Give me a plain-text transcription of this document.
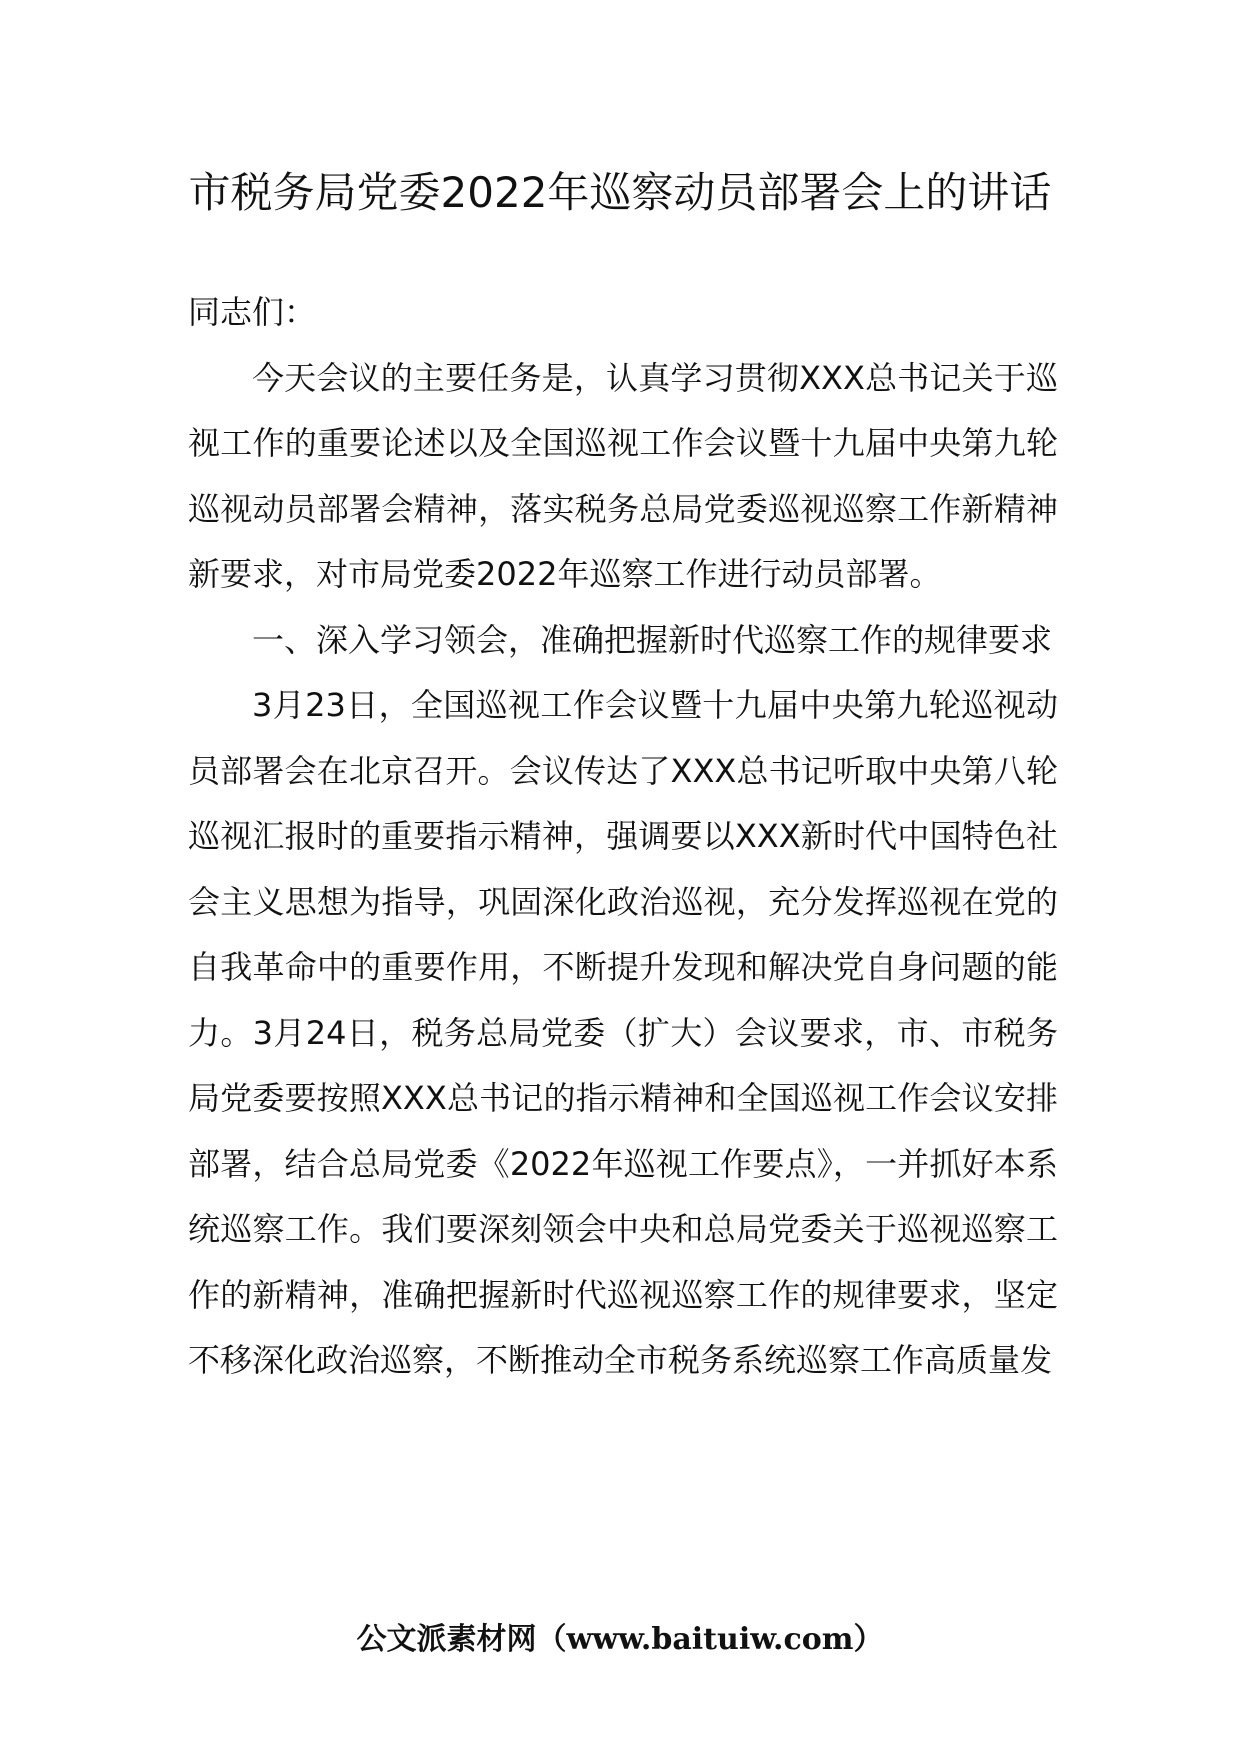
市税务局党委2022年巡察动员部署会上的讲话

同志们：

今天会议的主要任务是，认真学习贯彻XXX总书记关于巡视工作的重要论述以及全国巡视工作会议暨十九届中央第九轮巡视动员部署会精神，落实税务总局党委巡视巡察工作新精神新要求，对市局党委2022年巡察工作进行动员部署。

一、深入学习领会，准确把握新时代巡察工作的规律要求

3月23日，全国巡视工作会议暨十九届中央第九轮巡视动员部署会在北京召开。会议传达了XXX总书记听取中央第八轮巡视汇报时的重要指示精神，强调要以XXX新时代中国特色社会主义思想为指导，巩固深化政治巡视，充分发挥巡视在党的自我革命中的重要作用，不断提升发现和解决党自身问题的能力。3月24日，税务总局党委（扩大）会议要求，市、市税务局党委要按照XXX总书记的指示精神和全国巡视工作会议安排部署，结合总局党委《2022年巡视工作要点》，一并抓好本系统巡察工作。我们要深刻领会中央和总局党委关于巡视巡察工作的新精神，准确把握新时代巡视巡察工作的规律要求，坚定不移深化政治巡察，不断推动全市税务系统巡察工作高质量发

公文派素材网（www.baituiw.com）
